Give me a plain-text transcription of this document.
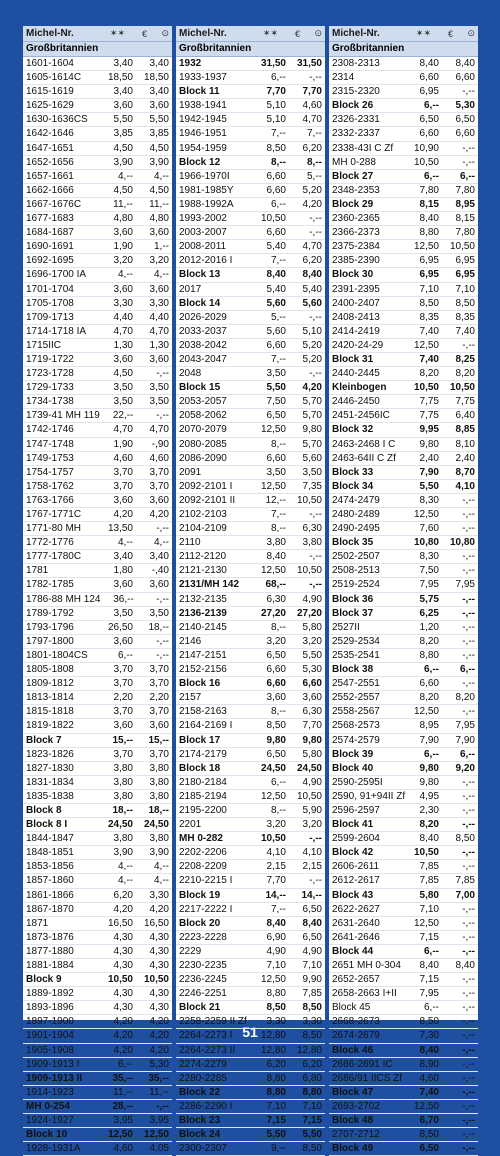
Michel-Nr.	✶✶	€	⊙
Großbritannien
1601-1604	3,40	3,40
1605-1614C	18,50	18,50
1615-1619	3,40	3,40
1625-1629	3,60	3,60
1630-1636CS	5,50	5,50
1642-1646	3,85	3,85
1647-1651	4,50	4,50
1652-1656	3,90	3,90
1657-1661	4,--	4,--
1662-1666	4,50	4,50
1667-1676C	11,--	11,--
1677-1683	4,80	4,80
1684-1687	3,60	3,60
1690-1691	1,90	1,--
1692-1695	3,20	3,20
1696-1700 IA	4,--	4,--
1701-1704	3,60	3,60
1705-1708	3,30	3,30
1709-1713	4,40	4,40
1714-1718 IA	4,70	4,70
1715IIC	1,30	1,30
1719-1722	3,60	3,60
1723-1728	4,50	-,--
1729-1733	3,50	3,50
1734-1738	3,50	3,50
1739-41 MH 119	22,--	-,--
1742-1746	4,70	4,70
1747-1748	1,90	-,90
1749-1753	4,60	4,60
1754-1757	3,70	3,70
1758-1762	3,70	3,70
1763-1766	3,60	3,60
1767-1771C	4,20	4,20
1771-80 MH	13,50	-,--
1772-1776	4,--	4,--
1777-1780C	3,40	3,40
1781	1,80	-,40
1782-1785	3,60	3,60
1786-88 MH 124	36,--	-,--
1789-1792	3,50	3,50
1793-1796	26,50	18,--
1797-1800	3,60	-,--
1801-1804CS	6,--	-,--
1805-1808	3,70	3,70
1809-1812	3,70	3,70
1813-1814	2,20	2,20
1815-1818	3,70	3,70
1819-1822	3,60	3,60
Block 7	15,--	15,--
1823-1826	3,70	3,70
1827-1830	3,80	3,80
1831-1834	3,80	3,80
1835-1838	3,80	3,80
Block 8	18,--	18,--
Block 8 I	24,50	24,50
1844-1847	3,80	3,80
1848-1851	3,90	3,90
1853-1856	4,--	4,--
1857-1860	4,--	4,--
1861-1866	6,20	3,30
1867-1870	4,20	4,20
1871	16,50	16,50
1873-1876	4,30	4,30
1877-1880	4,30	4,30
1881-1884	4,30	4,30
Block 9	10,50	10,50
1889-1892	4,30	4,30
1893-1896	4,30	4,30
1897-1900	4,20	4,20
1901-1904	4,20	4,20
1905-1908	4,20	4,20
1909-1913 I	6,--	5,30
1909-1913 II	35,--	35,--
1914-1923	11,--	11,--
MH 0-254	28,--	-,--
1924-1927	3,95	3,95
Block 10	12,50	12,50
1928-1931A	4,60	4,05
Michel-Nr.	✶✶	€	⊙
Großbritannien
1932	31,50	31,50
1933-1937	6,--	-,--
Block 11	7,70	7,70
1938-1941	5,10	4,60
1942-1945	5,10	4,70
1946-1951	7,--	7,--
1954-1959	8,50	6,20
Block 12	8,--	8,--
1966-1970I	6,60	5,--
1981-1985Y	6,60	5,20
1988-1992A	6,--	4,20
1993-2002	10,50	-,--
2003-2007	6,60	-,--
2008-2011	5,40	4,70
2012-2016 I	7,--	6,20
Block 13	8,40	8,40
2017	5,40	5,40
Block 14	5,60	5,60
2026-2029	5,--	-,--
2033-2037	5,60	5,10
2038-2042	6,60	5,20
2043-2047	7,--	5,20
2048	3,50	-,--
Block 15	5,50	4,20
2053-2057	7,50	5,70
2058-2062	6,50	5,70
2070-2079	12,50	9,80
2080-2085	8,--	5,70
2086-2090	6,60	5,60
2091	3,50	3,50
2092-2101 I	12,50	7,35
2092-2101 II	12,--	10,50
2102-2103	7,--	-,--
2104-2109	8,--	6,30
2110	3,80	3,80
2112-2120	8,40	-,--
2121-2130	12,50	10,50
2131/MH 142	68,--	-,--
2132-2135	6,30	4,90
2136-2139	27,20	27,20
2140-2145	8,--	5,80
2146	3,20	3,20
2147-2151	6,50	5,50
2152-2156	6,60	5,30
Block 16	6,60	6,60
2157	3,60	3,60
2158-2163	8,--	6,30
2164-2169 I	8,50	7,70
Block 17	9,80	9,80
2174-2179	6,50	5,80
Block 18	24,50	24,50
2180-2184	6,--	4,90
2185-2194	12,50	10,50
2195-2200	8,--	5,90
2201	3,20	3,20
MH 0-282	10,50	-,--
2202-2206	4,10	4,10
2208-2209	2,15	2,15
2210-2215 I	7,70	-,--
Block 19	14,--	14,--
2217-2222 I	7,--	6,50
Block 20	8,40	8,40
2223-2228	6,90	6,50
2229	4,90	4,90
2230-2235	7,10	7,10
2236-2245	12,50	9,90
2246-2251	8,80	7,85
Block 21	8,50	8,50
2258-2259 II Zf	3,30	3,30
2264-2273 I	12,80	8,50
2264-2273 II	12,80	12,80
2274-2279	6,20	6,20
2280-2285	8,80	6,80
Block 22	8,80	8,80
2286-2290 I	7,10	7,10
Block 23	7,15	7,15
Block 24	5,50	5,50
2300-2307	9,--	8,50
Michel-Nr.	✶✶	€	⊙
Großbritannien
2308-2313	8,40	8,40
2314	6,60	6,60
2315-2320	6,95	-,--
Block 26	6,--	5,30
2326-2331	6,50	6,50
2332-2337	6,60	6,60
2338-43I C Zf	10,90	-,--
MH 0-288	10,50	-,--
Block 27	6,--	6,--
2348-2353	7,80	7,80
Block 29	8,15	8,95
2360-2365	8,40	8,15
2366-2373	8,80	7,80
2375-2384	12,50	10,50
2385-2390	6,95	6,95
Block 30	6,95	6,95
2391-2395	7,10	7,10
2400-2407	8,50	8,50
2408-2413	8,35	8,35
2414-2419	7,40	7,40
2420-24-29	12,50	-,--
Block 31	7,40	8,25
2440-2445	8,20	8,20
Kleinbogen	10,50	10,50
2446-2450	7,75	7,75
2451-2456IC	7,75	6,40
Block 32	9,95	8,85
2463-2468 I C	9,80	8,10
2463-64II C Zf	2,40	2,40
Block 33	7,90	8,70
Block 34	5,50	4,10
2474-2479	8,30	-,--
2480-2489	12,50	-,--
2490-2495	7,60	-,--
Block 35	10,80	10,80
2502-2507	8,30	-,--
2508-2513	7,50	-,--
2519-2524	7,95	7,95
Block 36	5,75	-,--
Block 37	6,25	-,--
2527II	1,20	-,--
2529-2534	8,20	-,--
2535-2541	8,80	-,--
Block 38	6,--	6,--
2547-2551	6,60	-,--
2552-2557	8,20	8,20
2558-2567	12,50	-,--
2568-2573	8,95	7,95
2574-2579	7,90	7,90
Block 39	6,--	6,--
Block 40	9,80	9,20
2590-2595I	9,80	-,--
2590, 91+94II Zf	4,95	-,--
2596-2597	2,30	-,--
Block 41	8,20	-,--
2599-2604	8,40	8,50
Block 42	10,50	-,--
2606-2611	7,85	-,--
2612-2617	7,85	7,85
Block 43	5,80	7,00
2622-2627	7,10	-,--
2631-2640	12,50	-,--
2641-2646	7,15	-,--
Block 44	6,--	-,--
2651 MH 0-304	8,40	8,40
2652-2657	7,15	-,--
2658-2663 I+II	7,95	-,--
Block 45	6,--	-,--
2668-2673	8,50	-,--
2674-2679	7,30	-,--
Block 46	8,40	-,--
2686-2691 IC	8,90	-,--
2686/91 IICS Zf	4,60	-,--
Block 47	7,40	-,--
2693-2702	12,50	-,--
Block 48	6,70	-,--
2707-2712	8,50	-,--
Block 49	6,50	-,--
51
